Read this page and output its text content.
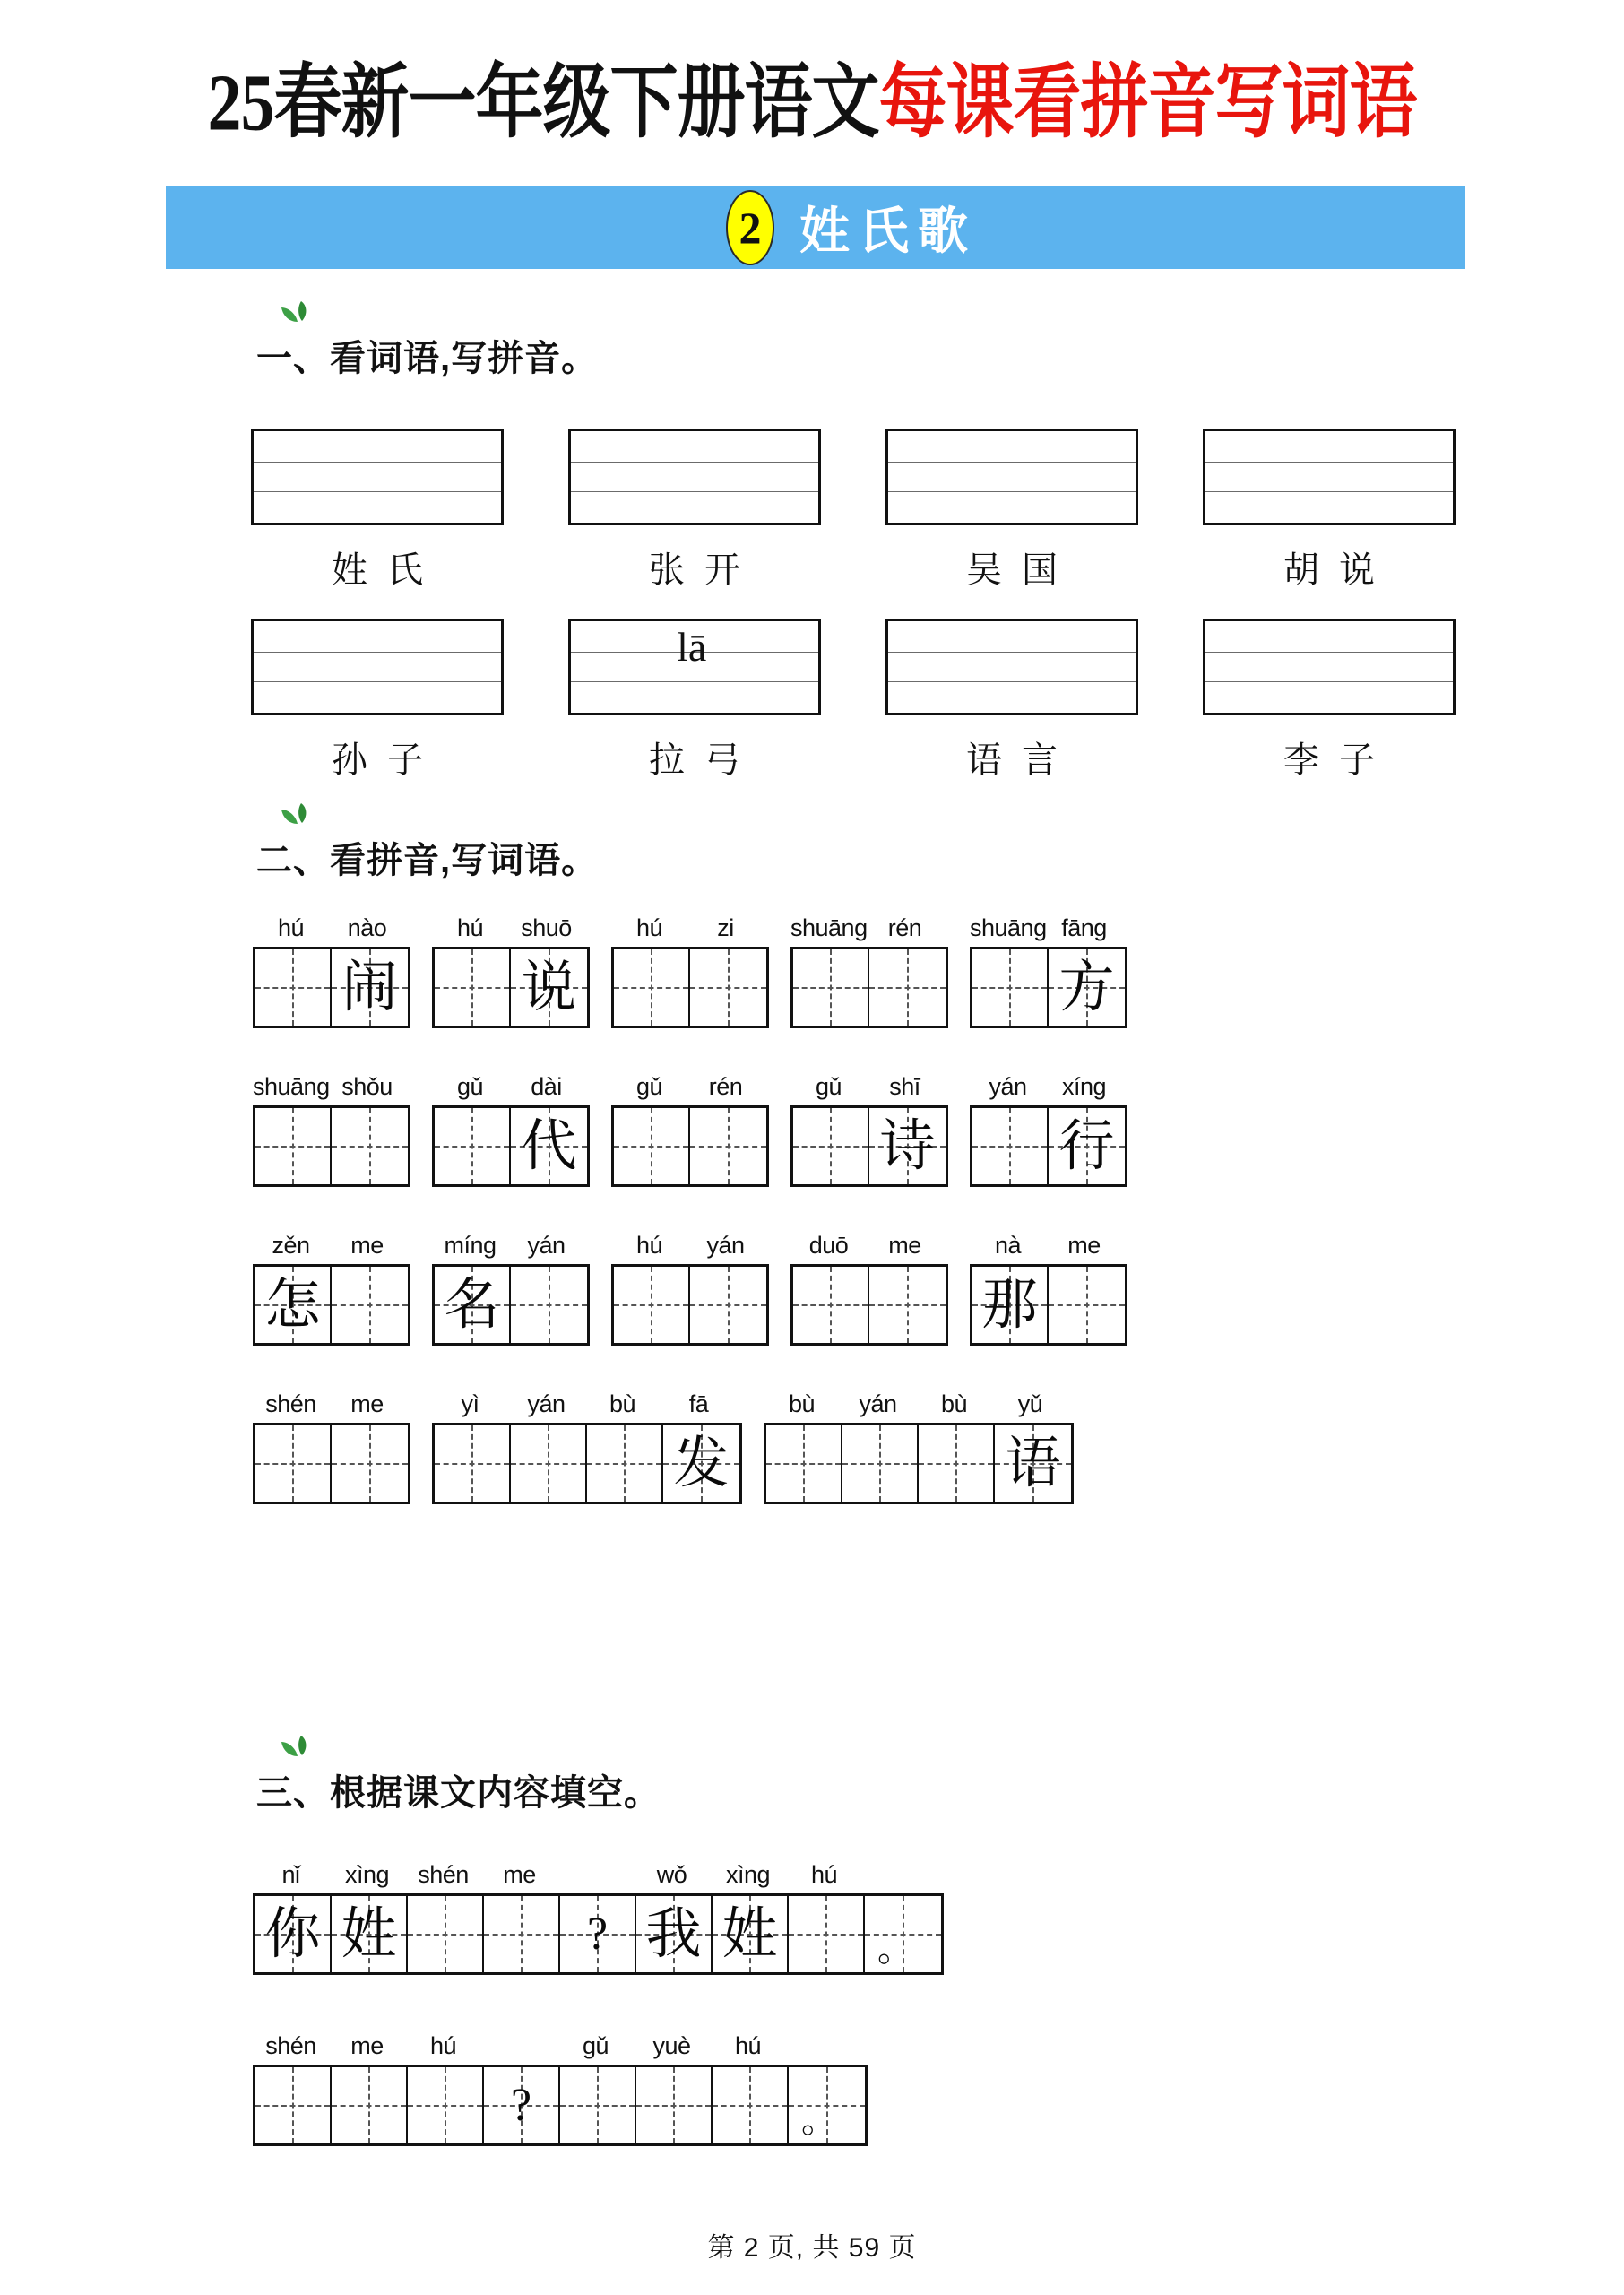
25春新一年级下册语文每课看拼音写词语
2 姓氏歌
一、看词语,写拼音。
姓氏	张开	吴国	胡说
孙子
lā
拉弓	语言	李子
二、看拼音,写词语。
hú	nào
闹
hú	shuō
说
hú	zi	shuāng rén	shuāng fāng
方
shuāng shǒu	gǔ	dài
代
gǔ	rén	gǔ	shī
诗
yán	xíng
行
zěn	me
怎
míng	yán
名
hú	yán	duō	me	nà	me
那
shén	me	yì	yán	bù	fā
发
bù	yán	bù	yǔ
语
三、根据课文内容填空。
nǐ	xìng	shén	me	wǒ	xìng	hú
你 姓	? 我 姓	。
shén	me	hú	gǔ	yuè	hú
?	。
第 2 页, 共 59 页
